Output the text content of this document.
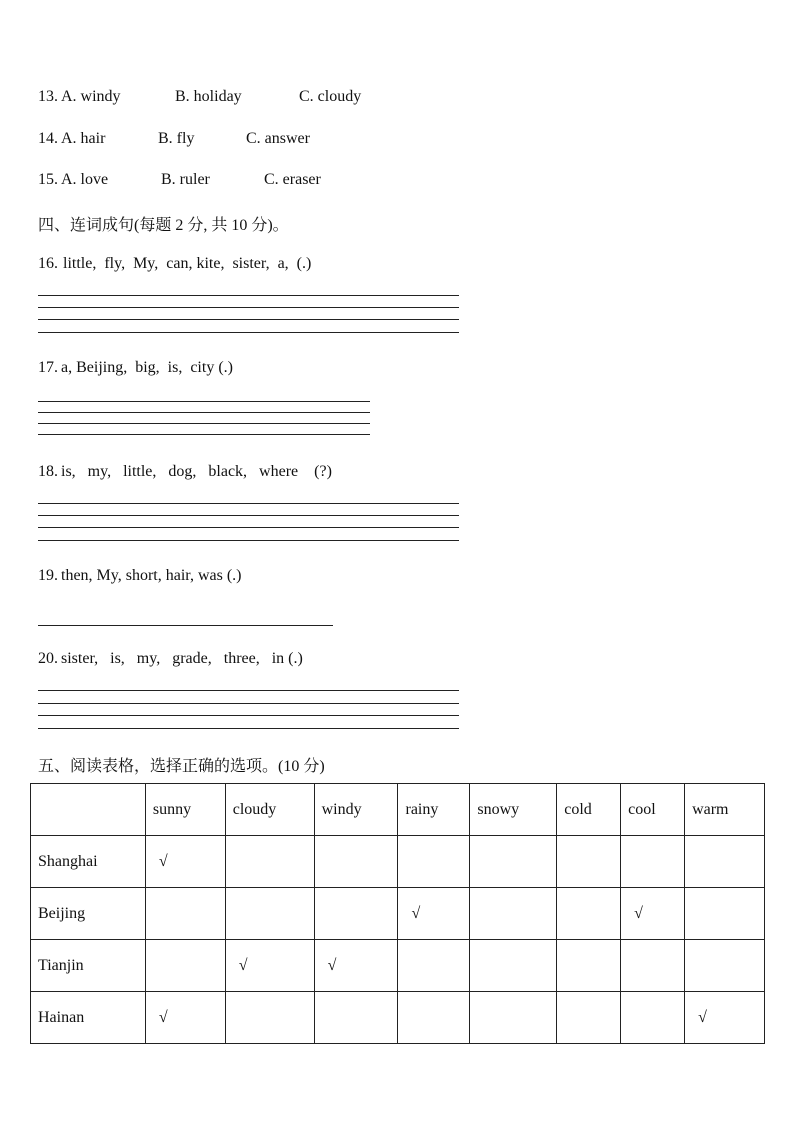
13. A. windy	B. holiday	C. cloudy
14. A. hair	B. fly	C. answer
15. A. love	B. ruler	C. eraser
四、连词成句(每题 2 分, 共 10 分)。
16. little,  fly,  My,  can, kite,  sister,  a,  (.)
17. a, Beijing,  big,  is,  city (.)
18. is,   my,   little,   dog,   black,   where    (?)
19. then, My, short, hair, was (.)
20. sister,   is,   my,   grade,   three,   in (.)
五、阅读表格，选择正确的选项。(10 分)
	sunny	cloudy	windy	rainy	snowy	cold	cool	warm
Shanghai	√							
Beijing				√			√	
Tianjin		√	√					
Hainan	√							√
